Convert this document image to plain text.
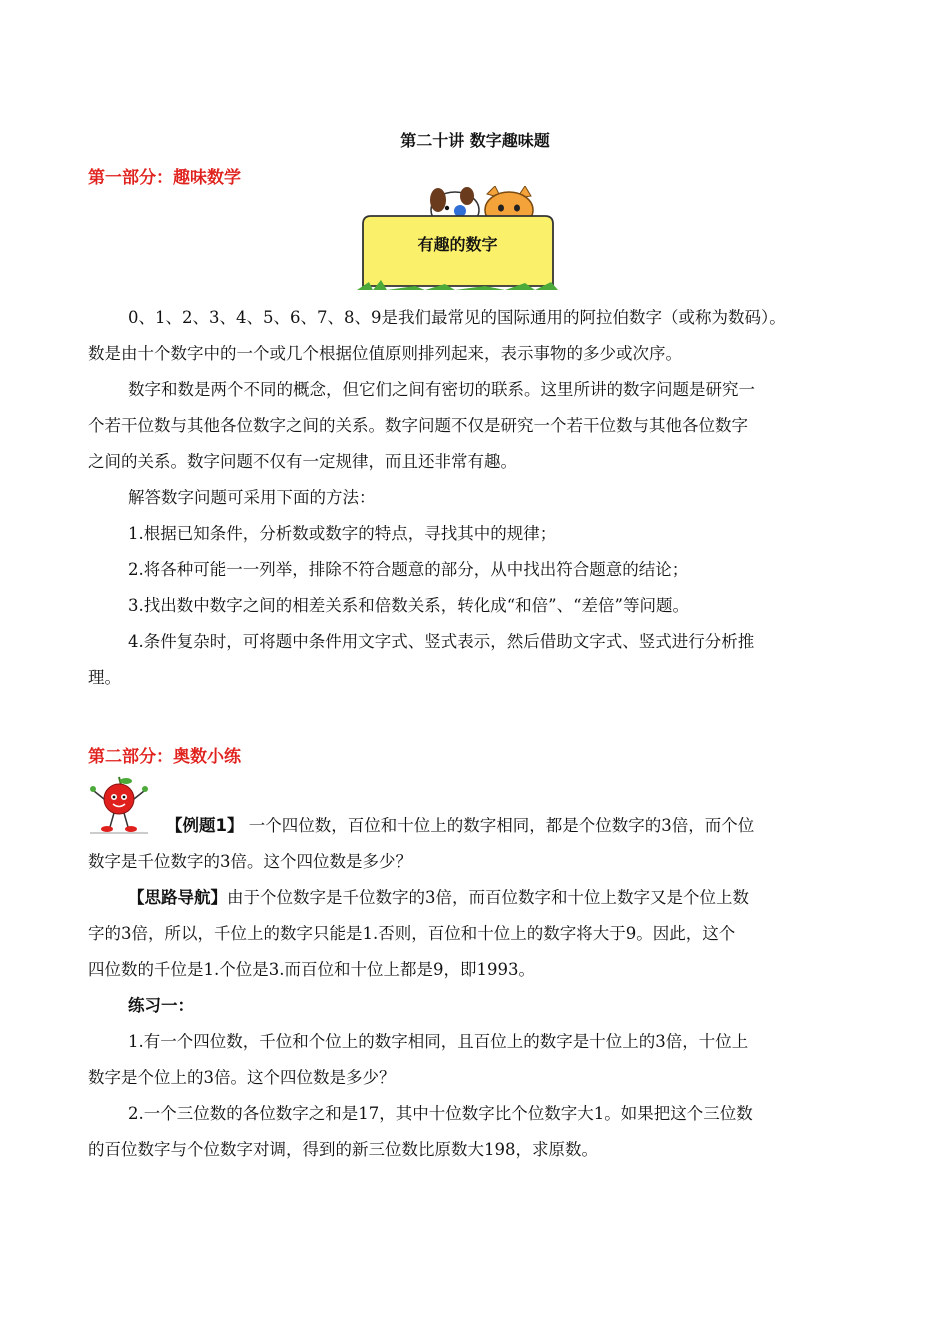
第二十讲 数字趣味题
第一部分：趣味数学
有趣的数字
0、1、2、3、4、5、6、7、8、9是我们最常见的国际通用的阿拉伯数字（或称为数码）。
数是由十个数字中的一个或几个根据位值原则排列起来，表示事物的多少或次序。
数字和数是两个不同的概念，但它们之间有密切的联系。这里所讲的数字问题是研究一
个若干位数与其他各位数字之间的关系。数字问题不仅是研究一个若干位数与其他各位数字
之间的关系。数字问题不仅有一定规律，而且还非常有趣。
解答数字问题可采用下面的方法：
1.根据已知条件，分析数或数字的特点，寻找其中的规律；
2.将各种可能一一列举，排除不符合题意的部分，从中找出符合题意的结论；
3.找出数中数字之间的相差关系和倍数关系，转化成“和倍”、“差倍”等问题。
4.条件复杂时，可将题中条件用文字式、竖式表示，然后借助文字式、竖式进行分析推
理。
第二部分：奥数小练
【例题1】 一个四位数，百位和十位上的数字相同，都是个位数字的3倍，而个位
数字是千位数字的3倍。这个四位数是多少？
【思路导航】由于个位数字是千位数字的3倍，而百位数字和十位上数字又是个位上数
字的3倍，所以，千位上的数字只能是1.否则，百位和十位上的数字将大于9。因此，这个
四位数的千位是1.个位是3.而百位和十位上都是9，即1993。
练习一：
1.有一个四位数，千位和个位上的数字相同，且百位上的数字是十位上的3倍，十位上
数字是个位上的3倍。这个四位数是多少？
2.一个三位数的各位数字之和是17，其中十位数字比个位数字大1。如果把这个三位数
的百位数字与个位数字对调，得到的新三位数比原数大198，求原数。
